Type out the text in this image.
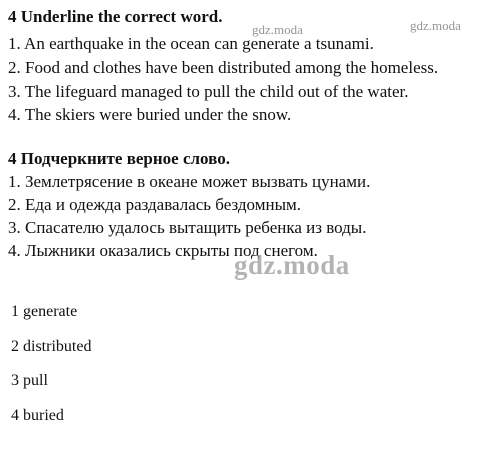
4 Underline the correct word.
1. An earthquake in the ocean can generate a tsunami.
2. Food and clothes have been distributed among the homeless.
3. The lifeguard managed to pull the child out of the water.
4. The skiers were buried under the snow.
4 Подчеркните верное слово.
1. Землетрясение в океане может вызвать цунами.
2. Еда и одежда раздавалась бездомным.
3. Спасателю удалось вытащить ребенка из воды.
4. Лыжники оказались скрыты под снегом.
1 generate
2 distributed
3 pull
4 buried
gdz.moda	gdz.moda
gdz.moda
